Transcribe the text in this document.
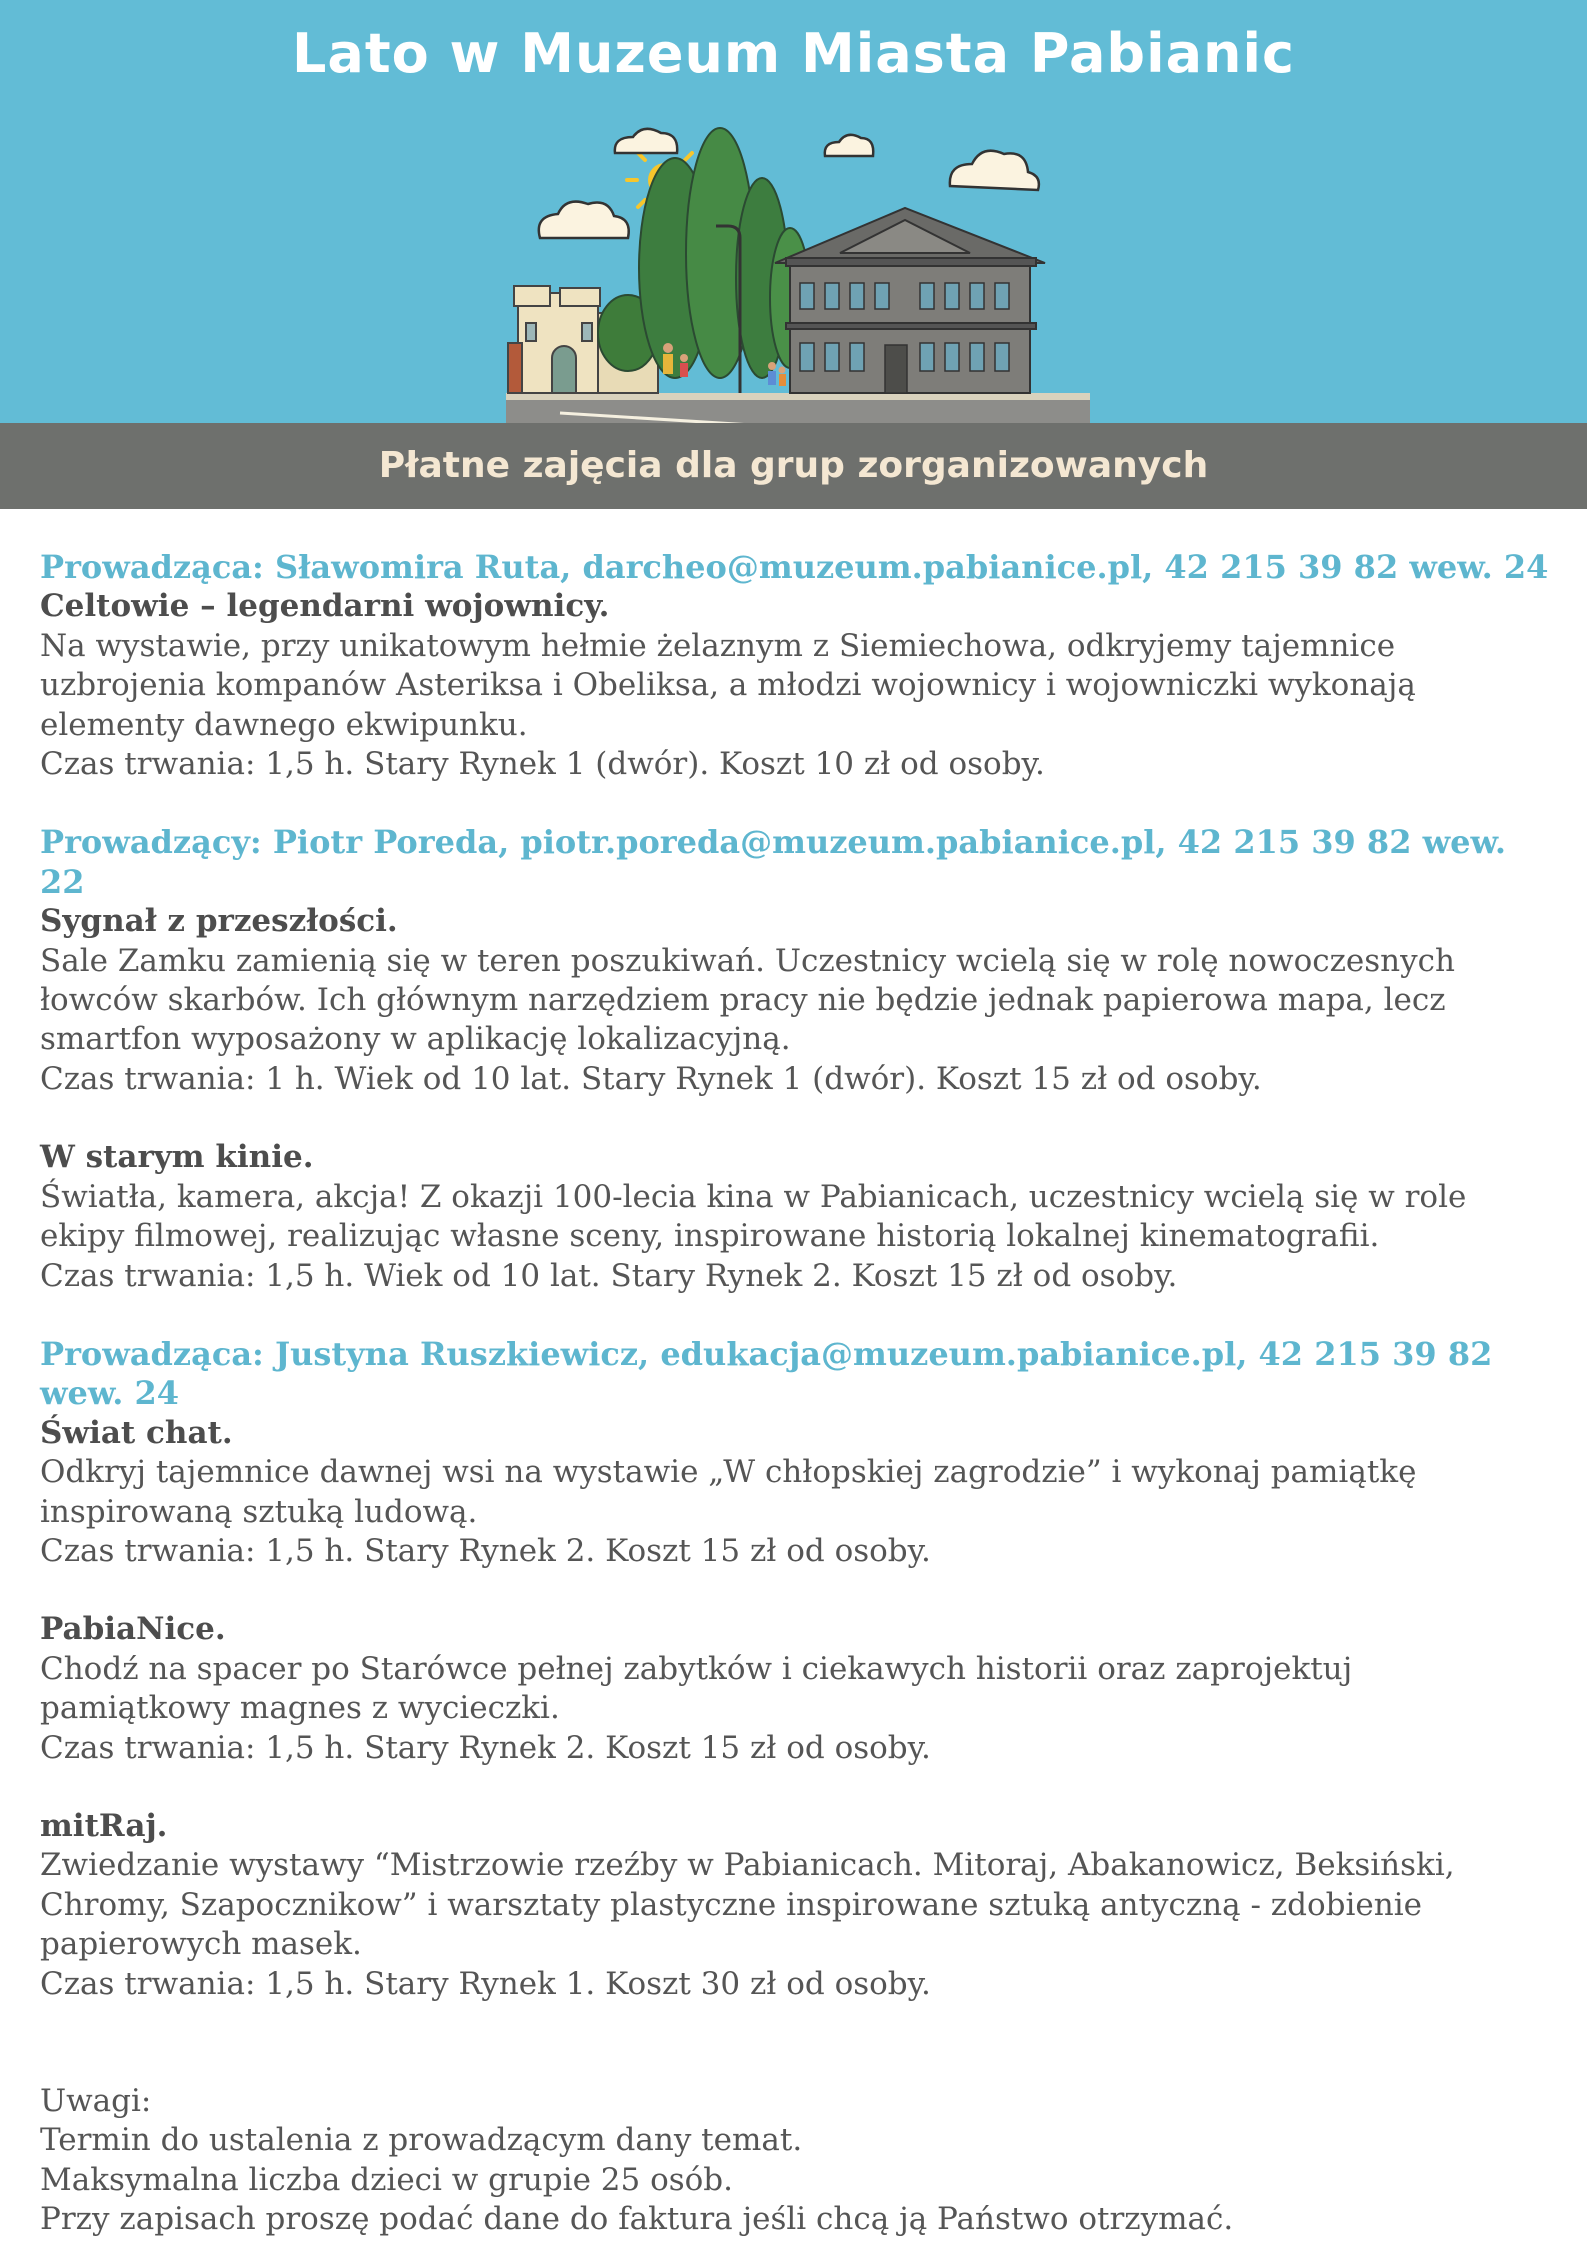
Lato w Muzeum Miasta Pabianic

Płatne zajęcia dla grup zorganizowanych

Prowadząca: Sławomira Ruta, darcheo@muzeum.pabianice.pl, 42 215 39 82 wew. 24

Celtowie – legendarni wojownicy.

Na wystawie, przy unikatowym hełmie żelaznym z Siemiechowa, odkryjemy tajemnice uzbrojenia kompanów Asteriksa i Obeliksa, a młodzi wojownicy i wojowniczki wykonają elementy dawnego ekwipunku.

Czas trwania: 1,5 h. Stary Rynek 1 (dwór). Koszt 10 zł od osoby.

Prowadzący: Piotr Poreda, piotr.poreda@muzeum.pabianice.pl, 42 215 39 82 wew. 22

Sygnał z przeszłości.

Sale Zamku zamienią się w teren poszukiwań. Uczestnicy wcielą się w rolę nowoczesnych łowców skarbów. Ich głównym narzędziem pracy nie będzie jednak papierowa mapa, lecz smartfon wyposażony w aplikację lokalizacyjną.

Czas trwania: 1 h. Wiek od 10 lat. Stary Rynek 1 (dwór). Koszt 15 zł od osoby.

W starym kinie.

Światła, kamera, akcja! Z okazji 100-lecia kina w Pabianicach, uczestnicy wcielą się w role ekipy filmowej, realizując własne sceny, inspirowane historią lokalnej kinematografii.

Czas trwania: 1,5 h. Wiek od 10 lat. Stary Rynek 2. Koszt 15 zł od osoby.

Prowadząca: Justyna Ruszkiewicz, edukacja@muzeum.pabianice.pl, 42 215 39 82 wew. 24

Świat chat.

Odkryj tajemnice dawnej wsi na wystawie „W chłopskiej zagrodzie” i wykonaj pamiątkę inspirowaną sztuką ludową.

Czas trwania: 1,5 h. Stary Rynek 2. Koszt 15 zł od osoby.

PabiaNice.

Chodź na spacer po Starówce pełnej zabytków i ciekawych historii oraz zaprojektuj pamiątkowy magnes z wycieczki.

Czas trwania: 1,5 h. Stary Rynek 2. Koszt 15 zł od osoby.

mitRaj.

Zwiedzanie wystawy “Mistrzowie rzeźby w Pabianicach. Mitoraj, Abakanowicz, Beksiński, Chromy, Szapocznikow” i warsztaty plastyczne inspirowane sztuką antyczną - zdobienie papierowych masek.

Czas trwania: 1,5 h. Stary Rynek 1. Koszt 30 zł od osoby.

Uwagi:

Termin do ustalenia z prowadzącym dany temat.

Maksymalna liczba dzieci w grupie 25 osób.

Przy zapisach proszę podać dane do faktura jeśli chcą ją Państwo otrzymać.
